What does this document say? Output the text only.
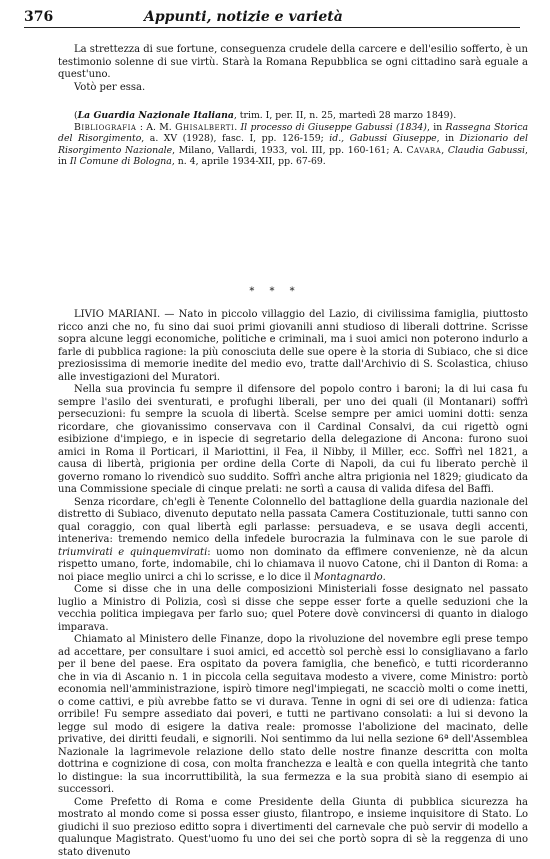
376	Appunti, notizie e varietà

La strettezza di sue fortune, conseguenza crudele della carcere e dell'esilio sofferto, è un testimonio solenne di sue virtù. Starà la Romana Repubblica se ogni cittadino sarà eguale a quest'uno.

Votò per essa.

(La Guardia Nazionale Italiana, trim. I, per. II, n. 25, martedì 28 marzo 1849).

Bibliografia : A. M. Ghisalberti. Il processo di Giuseppe Gabussi (1834), in Rassegna Storica del Risorgimento, a. XV (1928), fasc. I, pp. 126-159; id., Gabussi Giuseppe, in Dizionario del Risorgimento Nazionale, Milano, Vallardi, 1933, vol. III, pp. 160-161; A. Cavara, Claudia Gabussi, in Il Comune di Bologna, n. 4, aprile 1934-XII, pp. 67-69.

* * *

LIVIO MARIANI. — Nato in piccolo villaggio del Lazio, di civilissima famiglia, piuttosto ricco anzi che no, fu sino dai suoi primi giovanili anni studioso di liberali dottrine. Scrisse sopra alcune leggi economiche, politiche e criminali, ma i suoi amici non poterono indurlo a farle di pubblica ragione: la più conosciuta delle sue opere è la storia di Subiaco, che si dice preziosissima di memorie inedite del medio evo, tratte dall'Archivio di S. Scolastica, chiuso alle investigazioni del Muratori.

Nella sua provincia fu sempre il difensore del popolo contro i baroni; la di lui casa fu sempre l'asilo dei sventurati, e profughi liberali, per uno dei quali (il Montanari) soffrì persecuzioni: fu sempre la scuola di libertà. Scelse sempre per amici uomini dotti: senza ricordare, che giovanissimo conservava con il Cardinal Consalvi, da cui rigettò ogni esibizione d'impiego, e in ispecie di segretario della delegazione di Ancona: furono suoi amici in Roma il Porticari, il Mariottini, il Fea, il Nibby, il Miller, ecc. Soffrì nel 1821, a causa di libertà, prigionia per ordine della Corte di Napoli, da cui fu liberato perchè il governo romano lo rivendicò suo suddito. Soffrì anche altra prigionia nel 1829; giudicato da una Commissione speciale di cinque prelati: ne sortì a causa di valida difesa del Baffi.

Senza ricordare, ch'egli è Tenente Colonnello del battaglione della guardia nazionale del distretto di Subiaco, divenuto deputato nella passata Camera Costituzionale, tutti sanno con qual coraggio, con qual libertà egli parlasse: persuadeva, e se usava degli accenti, inteneriva: tremendo nemico della infedele burocrazia la fulminava con le sue parole di triumvirati e quinquemvirati: uomo non dominato da effimere convenienze, nè da alcun rispetto umano, forte, indomabile, chi lo chiamava il nuovo Catone, chi il Danton di Roma: a noi piace meglio unirci a chi lo scrisse, e lo dice il Montagnardo.

Come si disse che in una delle composizioni Ministeriali fosse designato nel passato luglio a Ministro di Polizia, così si disse che seppe esser forte a quelle seduzioni che la vecchia politica impiegava per farlo suo; quel Potere dovè convincersi di quanto in dialogo imparava.

Chiamato al Ministero delle Finanze, dopo la rivoluzione del novembre egli prese tempo ad accettare, per consultare i suoi amici, ed accettò sol perchè essi lo consigliavano a farlo per il bene del paese. Era ospitato da povera famiglia, che beneficò, e tutti ricorderanno che in via di Ascanio n. 1 in piccola cella seguitava modesto a vivere, come Ministro: portò economia nell'amministrazione, ispirò timore negl'impiegati, ne scacciò molti o come inetti, o come cattivi, e più avrebbe fatto se vi durava. Tenne in ogni di sei ore di udienza: fatica orribile! Fu sempre assediato dai poveri, e tutti ne partivano consolati: a lui si devono la legge sul modo di esigere la dativa reale: promosse l'abolizione del macinato, delle privative, dei diritti feudali, e signorili. Noi sentimmo da lui nella sezione 6ª dell'Assemblea Nazionale la lagrimevole relazione dello stato delle nostre finanze descritta con molta dottrina e cognizione di cosa, con molta franchezza e lealtà e con quella integrità che tanto lo distingue: la sua incorruttibilità, la sua fermezza e la sua probità siano di esempio ai successori.

Come Prefetto di Roma e come Presidente della Giunta di pubblica sicurezza ha mostrato al mondo come si possa esser giusto, filantropo, e insieme inquisitore di Stato. Lo giudichi il suo prezioso editto sopra i divertimenti del carnevale che può servir di modello a qualunque Magistrato. Quest'uomo fu uno dei sei che portò sopra di sè la reggenza di uno stato divenuto
